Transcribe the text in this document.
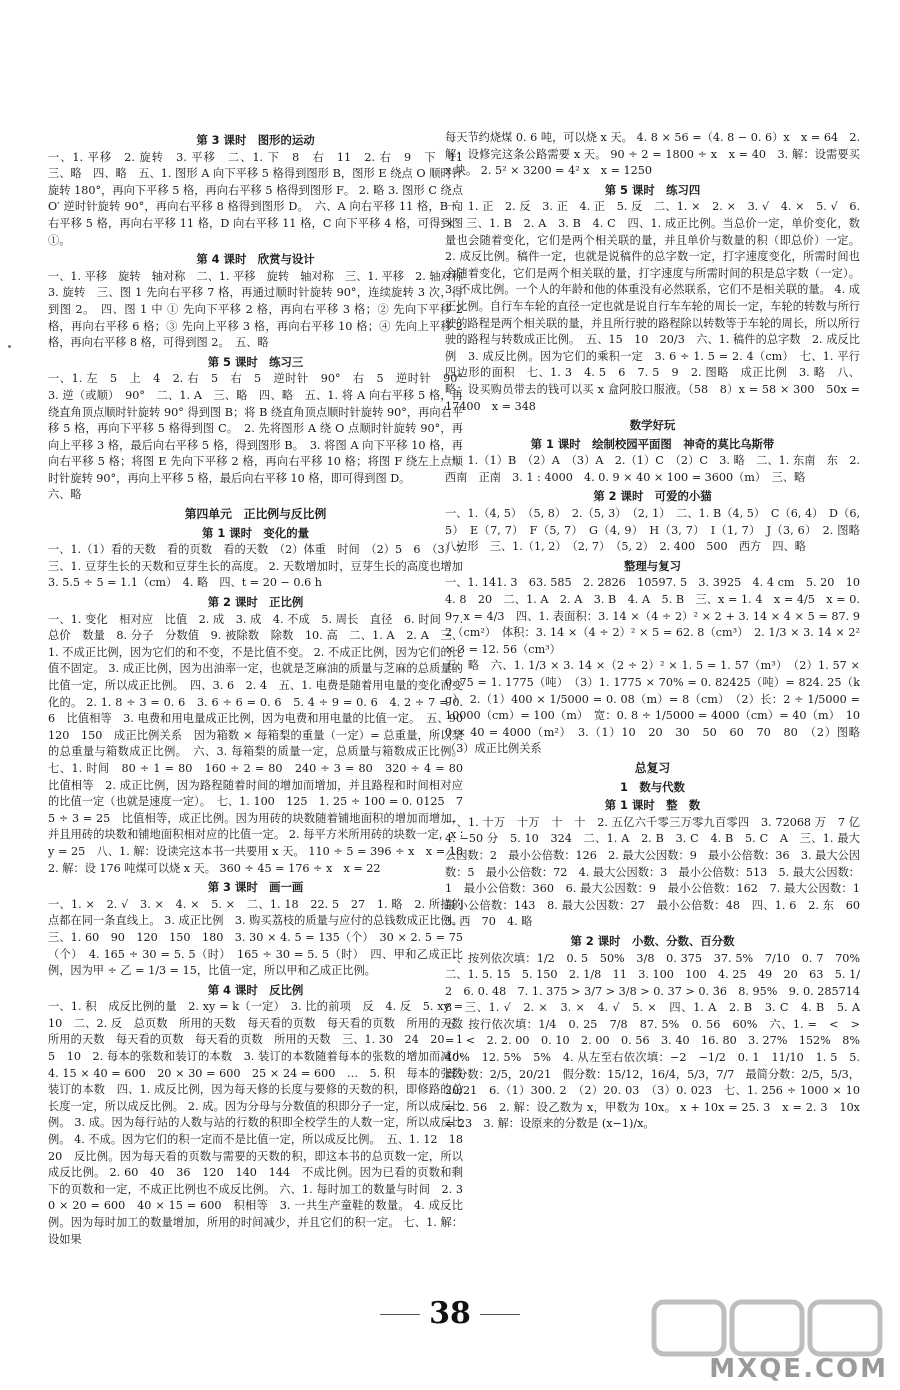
第 3 课时　图形的运动
一、1. 平移　2. 旋转　3. 平移　二、1. 下　8　右　11　2. 右　9　下　11　三、略　四、略　五、1. 图形 A 向下平移 5 格得到图形 B，图形 E 绕点 O 顺时针旋转 180°，再向下平移 5 格，再向右平移 5 格得到图形 F。 2. 略 3. 图形 C 绕点 O′ 逆时针旋转 90°，再向右平移 8 格得到图形 D。　六、A 向右平移 11 格，B 向右平移 5 格，再向右平移 11 格，D 向右平移 11 格，C 向下平移 4 格，可得到图①。
第 4 课时　欣赏与设计
一、1. 平移　旋转　轴对称　二、1. 平移　旋转　轴对称　三、1. 平移　2. 轴对称　3. 旋转　三、图 1 先向右平移 7 格，再通过顺时针旋转 90°，连续旋转 3 次，得到图 2。　四、图 1 中 ① 先向下平移 2 格，再向右平移 3 格；② 先向下平移 2 格，再向右平移 6 格；③ 先向上平移 3 格，再向右平移 10 格；④ 先向上平移 2 格，再向右平移 8 格，可得到图 2。　五、略
第 5 课时　练习三
一、1. 左　5　上　4　2. 右　5　右　5　逆时针　90°　右　5　逆时针　90°　3. 逆（或顺）　90°　二、1. A　三、略　四、略　五、1. 将 A 向右平移 5 格，再绕直角顶点顺时针旋转 90° 得到图 B；将 B 绕直角顶点顺时针旋转 90°，再向右平移 5 格，再向下平移 5 格得到图 C。　2. 先将图形 A 绕 O 点顺时针旋转 90°，再向上平移 3 格，最后向右平移 5 格，得到图形 B。　3. 将图 A 向下平移 10 格，再向右平移 5 格；将图 E 先向下平移 2 格，再向右平移 10 格；将图 F 绕左上点顺时针旋转 90°，再向上平移 5 格，最后向右平移 10 格，即可得到图 D。
六、略
第四单元　正比例与反比例
第 1 课时　变化的量
一、1.（1）看的天数　看的页数　看的天数　（2）体重　时间　（2）5　6　（3）7　三、1. 豆芽生长的天数和豆芽生长的高度。 2. 天数增加时，豆芽生长的高度也增加　3. 5.5 ÷ 5 = 1.1（cm）　4. 略　四、t = 20 − 0.6 h
第 2 课时　正比例
一、1. 变化　相对应　比值　2. 成　3. 成　4. 不成　5. 周长　直径　6. 时间　7. 总价　数量　8. 分子　分数值　9. 被除数　除数　10. 高　二、1. A　2. A　三、1. 不成正比例，因为它们的和不变，不是比值不变。 2. 不成正比例，因为它们的比值不固定。 3. 成正比例，因为出油率一定，也就是芝麻油的质量与芝麻的总质量的比值一定，所以成正比例。　四、3. 6　2. 4　五、1. 电费是随着用电量的变化而变化的。 2. 1. 8 ÷ 3 = 0. 6　3. 6 ÷ 6 = 0. 6　5. 4 ÷ 9 = 0. 6　4. 2 ÷ 7 = 0. 6　比值相等　3. 电费和用电量成正比例，因为电费和用电量的比值一定。　五、90　120　150　成正比例关系　因为箱数 × 每箱梨的重量（一定）= 总重量，所以梨的总重量与箱数成正比例。　六、3. 每箱梨的质量一定，总质量与箱数成正比例。 七、1. 时间　80 ÷ 1 = 80　160 ÷ 2 = 80　240 ÷ 3 = 80　320 ÷ 4 = 80　比值相等　2. 成正比例，因为路程随着时间的增加而增加，并且路程和时间相对应的比值一定（也就是速度一定）。　七、1. 100　125　1. 25 ÷ 100 = 0. 0125　75 ÷ 3 = 25　比值相等，成正比例。因为用砖的块数随着铺地面积的增加而增加，并且用砖的块数和铺地面积相对应的比值一定。 2. 每平方米所用砖的块数一定，x ∶ y = 25　八、1. 解：设读完这本书一共要用 x 天。 110 ÷ 5 = 396 ÷ x　x = 18　2. 解：设 176 吨煤可以烧 x 天。 360 ÷ 45 = 176 ÷ x　x = 22
第 3 课时　画一画
一、1. ×　2. √　3. ×　4. ×　5. ×　二、1. 18　22. 5　27　1. 略　2. 所描的点都在同一条直线上。 3. 成正比例　3. 购买荔枝的质量与应付的总钱数成正比例。 三、1. 60　90　120　150　180　3. 30 × 4. 5 = 135（个）　30 × 2. 5 = 75（个）　4. 165 ÷ 30 = 5. 5（时）　165 ÷ 30 = 5. 5（时）　四、甲和乙成正比例，因为甲 ÷ 乙 = 1/3 = 15，比值一定，所以甲和乙成正比例。
第 4 课时　反比例
一、1. 积　成反比例的量　2. xy = k（一定）　3. 比的前项　反　4. 反　5. xy = 10　二、2. 反　总页数　所用的天数　每天看的页数　每天看的页数　所用的天数　所用的天数　每天看的页数　每天看的页数　所用的天数　三、1. 30　24　20　15　10　2. 每本的张数和装订的本数　3. 装订的本数随着每本的张数的增加而减小　4. 15 × 40 = 600　20 × 30 = 600　25 × 24 = 600　…　5. 积　每本的张数　装订的本数　四、1. 成反比例，因为每天修的长度与要修的天数的积，即修路的总长度一定，所以成反比例。 2. 成。因为分母与分数值的积即分子一定，所以成反比例。 3. 成。因为每行站的人数与站的行数的积即全校学生的人数一定，所以成反比例。 4. 不成。因为它们的积一定而不是比值一定，所以成反比例。　五、1. 12　18　20　反比例。因为每天看的页数与需要的天数的积，即这本书的总页数一定，所以成反比例。 2. 60　40　36　120　140　144　不成比例。因为已看的页数和剩下的页数和一定，不成正比例也不成反比例。 六、1. 每时加工的数量与时间　2. 30 × 20 = 600　40 × 15 = 600　积相等　3. 一共生产童鞋的数量。 4. 成反比例。因为每时加工的数量增加，所用的时间减少，并且它们的积一定。 七、1. 解：设如果
每天节约烧煤 0. 6 吨，可以烧 x 天。 4. 8 × 56 =（4. 8 − 0. 6）x　x = 64　2. 解：设修完这条公路需要 x 天。 90 ÷ 2 = 1800 ÷ x　x = 40　3. 解：设需要买 x 块。 2. 5² × 3200 = 4² x　x = 1250
第 5 课时　练习四
一、1. 正　2. 反　3. 正　4. 正　5. 反　二、1. ×　2. ×　3. √　4. ×　5. √　6. ×　三、1. B　2. A　3. B　4. C　四、1. 成正比例。当总价一定，单价变化，数量也会随着变化，它们是两个相关联的量，并且单价与数量的积（即总价）一定。 2. 成反比例。稿件一定，也就是说稿件的总字数一定，打字速度变化，所需时间也会随着变化，它们是两个相关联的量，打字速度与所需时间的积是总字数（一定）。 3. 不成比例。一个人的年龄和他的体重没有必然联系，它们不是相关联的量。 4. 成正比例。自行车车轮的直径一定也就是说自行车车轮的周长一定，车轮的转数与所行驶的路程是两个相关联的量，并且所行驶的路程除以转数等于车轮的周长，所以所行驶的路程与转数成正比例。　五、15　10　20/3　六、1. 稿件的总字数　2. 成反比例　3. 成反比例。因为它们的乘积一定　3. 6 ÷ 1. 5 = 2. 4（cm）　七、1. 平行四边形的面积　七、1. 3　4. 5　6　7. 5　9　2. 图略　成正比例　3. 略　八、略：设买购员带去的钱可以买 x 盒阿胶口服液。（58　8）x = 58 × 300　50x = 17400　x = 348
数学好玩
第 1 课时　绘制校园平面图　神奇的莫比乌斯带
一、1.（1）B　（2）A　（3）A　2.（1）C　（2）C　3. 略　二、1. 东南　东　2. 西南　正南　3. 1 : 4000　4. 0. 9 × 40 × 100 = 3600（m）　三、略
第 2 课时　可爱的小猫
一、1.（4, 5）　（5, 8）　2.（5, 3）　（2, 1）　二、1. B（4, 5）　C（6, 4）　D（6, 5）　E（7, 7）　F（5, 7）　G（4, 9）　H（3, 7）　I（1, 7）　J（3, 6）　2. 图略　八边形　三、1.（1, 2）　（2, 7）　（5, 2）　2. 400　500　西方　四、略
整理与复习
一、1. 141. 3　63. 585　2. 2826　10597. 5　3. 3925　4. 4 cm　5. 20　10　4. 8　20　二、1. A　2. A　3. B　4. A　5. B　三、x = 1. 4　x = 4/5　x = 0. 9　x = 4/3　四、1. 表面积：3. 14 ×（4 ÷ 2）² × 2 + 3. 14 × 4 × 5 = 87. 92（cm²）　体积：3. 14 ×（4 ÷ 2）² × 5 = 62. 8（cm³）　2. 1/3 × 3. 14 × 2² × 3 = 12. 56（cm³）
五、略　六、1. 1/3 × 3. 14 ×（2 ÷ 2）² × 1. 5 = 1. 57（m³）　（2）1. 57 × 0. 75 = 1. 1775（吨）　（3）1. 1775 × 70% = 0. 82425（吨）= 824. 25（kg）　2.（1）400 × 1/5000 = 0. 08（m）= 8（cm）　（2）长：2 ÷ 1/5000 = 10000（cm）= 100（m）　宽：0. 8 ÷ 1/5000 = 4000（cm）= 40（m）　100 × 40 = 4000（m²）　3.（1）10　20　30　50　60　70　80　（2）图略　（3）成正比例关系
总复习
1　数与代数
第 1 课时　整　数
一、1. 十万　十万　十　十　2. 五亿六千零三万零九百零四　3. 72068 万　7 亿　4. −50 分　5. 10　324　二、1. A　2. B　3. C　4. B　5. C　A　三、1. 最大公因数：2　最小公倍数：126　2. 最大公因数：9　最小公倍数：36　3. 最大公因数：5　最小公倍数：72　4. 最大公因数：3　最小公倍数：513　5. 最大公因数：1　最小公倍数：360　6. 最大公因数：9　最小公倍数：162　7. 最大公因数：1　最小公倍数：143　8. 最大公因数：27　最小公倍数：48　四、1. 6　2. 东　60　3. 西　70　4. 略
第 2 课时　小数、分数、百分数
一、按列依次填：1/2　0. 5　50%　3/8　0. 375　37. 5%　7/10　0. 7　70%　二、1. 5. 15　5. 150　2. 1/8　11　3. 100　100　4. 25　49　20　63　5. 1/2　6. 0. 48　7. 1. 375 > 3/7 > 3/8 > 0. 37 > 0. 3̇6　8. 95%　9. 0. 285714　8　三、1. √　2. ×　3. ×　4. √　5. ×　四、1. A　2. B　3. C　4. B　5. A　五、按行依次填：1/4　0. 25　7/8　87. 5%　0. 56　60%　六、1. =　<　>　=　<　2. 2. 00　0. 10　2. 00　0. 56　3. 40　16. 80　3. 27%　152%　8%　40%　12. 5%　5%　4. 从左至右依次填：−2　−1/2　0. 1　11/10　1. 5　5. 真分数：2/5，20/21　假分数：15/12，16/4，5/3，7/7　最简分数：2/5，5/3，20/21　6.（1）300. 2　（2）20. 03　（3）0. 023　七、1. 256 ÷ 1000 × 10 = 2. 56　2. 解：设乙数为 x，甲数为 10x。 x + 10x = 25. 3　x = 2. 3　10x = 23　3. 解：设原来的分数是 (x−1)/x。
38
MXQE.COM
